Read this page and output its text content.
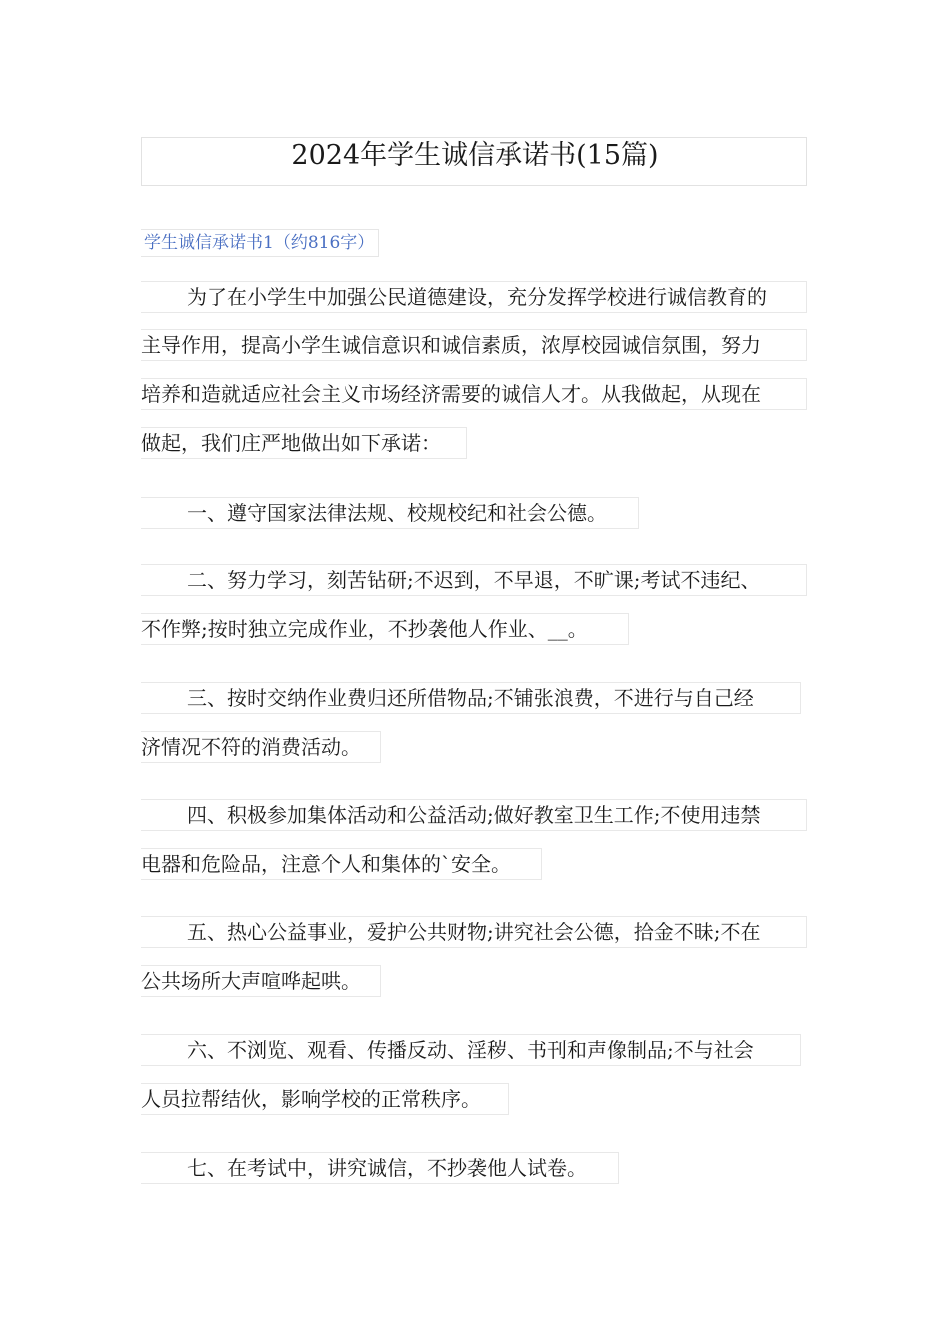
2024年学生诚信承诺书(15篇)
学生诚信承诺书1（约816字）
为了在小学生中加强公民道德建设，充分发挥学校进行诚信教育的
主导作用，提高小学生诚信意识和诚信素质，浓厚校园诚信氛围，努力
培养和造就适应社会主义市场经济需要的诚信人才。从我做起，从现在
做起，我们庄严地做出如下承诺：
一、遵守国家法律法规、校规校纪和社会公德。
二、努力学习，刻苦钻研;不迟到，不早退，不旷课;考试不违纪、
不作弊;按时独立完成作业，不抄袭他人作业、__。
三、按时交纳作业费归还所借物品;不铺张浪费，不进行与自己经
济情况不符的消费活动。
四、积极参加集体活动和公益活动;做好教室卫生工作;不使用违禁
电器和危险品，注意个人和集体的`安全。
五、热心公益事业，爱护公共财物;讲究社会公德，拾金不昧;不在
公共场所大声喧哗起哄。
六、不浏览、观看、传播反动、淫秽、书刊和声像制品;不与社会
人员拉帮结伙，影响学校的正常秩序。
七、在考试中，讲究诚信，不抄袭他人试卷。
